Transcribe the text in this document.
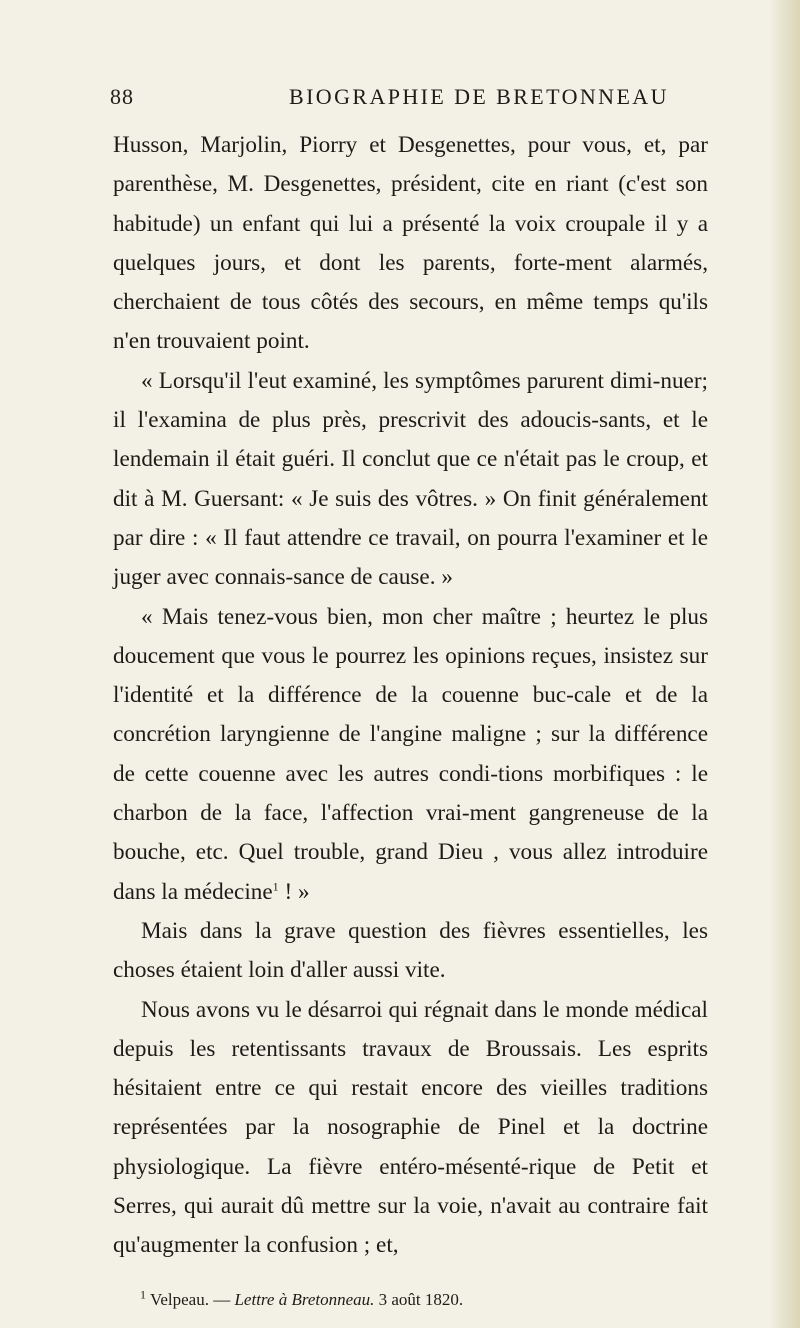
88	BIOGRAPHIE DE BRETONNEAU

Husson, Marjolin, Piorry et Desgenettes, pour vous, et, par parenthèse, M. Desgenettes, président, cite en riant (c'est son habitude) un enfant qui lui a présenté la voix croupale il y a quelques jours, et dont les parents, forte-ment alarmés, cherchaient de tous côtés des secours, en même temps qu'ils n'en trouvaient point.

« Lorsqu'il l'eut examiné, les symptômes parurent dimi-nuer; il l'examina de plus près, prescrivit des adoucis-sants, et le lendemain il était guéri. Il conclut que ce n'était pas le croup, et dit à M. Guersant: « Je suis des vôtres. » On finit généralement par dire : « Il faut attendre ce travail, on pourra l'examiner et le juger avec connais-sance de cause. »

« Mais tenez-vous bien, mon cher maître ; heurtez le plus doucement que vous le pourrez les opinions reçues, insistez sur l'identité et la différence de la couenne buc-cale et de la concrétion laryngienne de l'angine maligne ; sur la différence de cette couenne avec les autres condi-tions morbifiques : le charbon de la face, l'affection vrai-ment gangreneuse de la bouche, etc. Quel trouble, grand Dieu , vous allez introduire dans la médecine$^1$ ! »

Mais dans la grave question des fièvres essentielles, les choses étaient loin d'aller aussi vite.

Nous avons vu le désarroi qui régnait dans le monde médical depuis les retentissants travaux de Broussais. Les esprits hésitaient entre ce qui restait encore des vieilles traditions représentées par la nosographie de Pinel et la doctrine physiologique. La fièvre entéro-mésenté-rique de Petit et Serres, qui aurait dû mettre sur la voie, n'avait au contraire fait qu'augmenter la confusion ; et,

$^1$ Velpeau. — Lettre à Bretonneau. 3 août 1820.
